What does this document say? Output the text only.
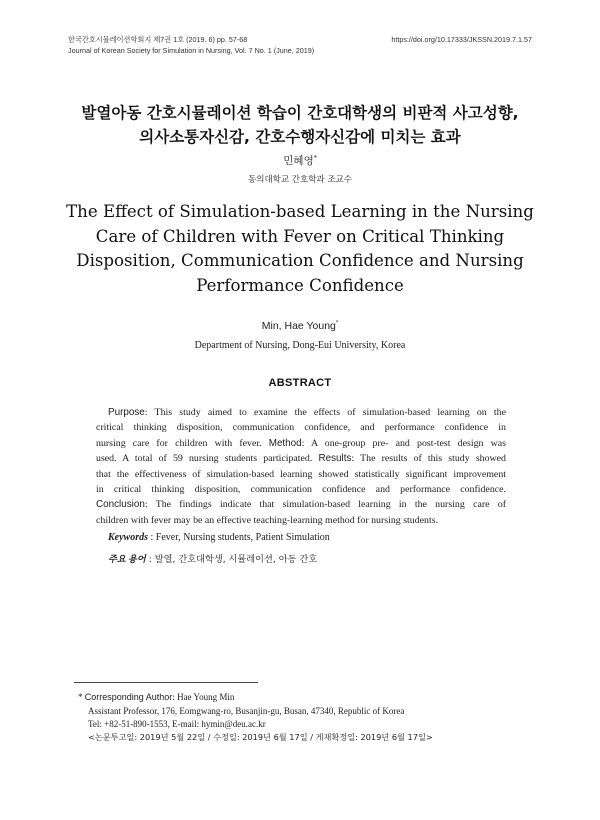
한국간호시뮬레이션학회지 제7권 1호 (2019. 6) pp. 57-68	https://doi.org/10.17333/JKSSN.2019.7.1.57
Journal of Korean Society for Simulation in Nursing, Vol. 7 No. 1 (June, 2019)
발열아동 간호시뮬레이션 학습이 간호대학생의 비판적 사고성향,
의사소통자신감, 간호수행자신감에 미치는 효과
민혜영*
동의대학교 간호학과 조교수
The Effect of Simulation-based Learning in the Nursing
Care of Children with Fever on Critical Thinking
Disposition, Communication Confidence and Nursing
Performance Confidence
Min, Hae Young*
Department of Nursing, Dong-Eui University, Korea
ABSTRACT
Purpose: This study aimed to examine the effects of simulation-based learning on the
critical thinking disposition, communication confidence, and performance confidence in
nursing care for children with fever. Method: A one-group pre- and post-test design was
used. A total of 59 nursing students participated. Results: The results of this study showed
that the effectiveness of simulation-based learning showed statistically significant improvement
in critical thinking disposition, communication confidence and performance confidence.
Conclusion: The findings indicate that simulation-based learning in the nursing care of
children with fever may be an effective teaching-learning method for nursing students.
Keywords : Fever, Nursing students, Patient Simulation
주요 용어 : 발열, 간호대학생, 시뮬레이션, 아동 간호
* Corresponding Author: Hae Young Min
Assistant Professor, 176, Eomgwang-ro, Busanjin-gu, Busan, 47340, Republic of Korea
Tel: +82-51-890-1553, E-mail: hymin@deu.ac.kr
<논문투고일: 2019년 5월 22일 / 수정일: 2019년 6월 17일 / 게재확정일: 2019년 6월 17일>
